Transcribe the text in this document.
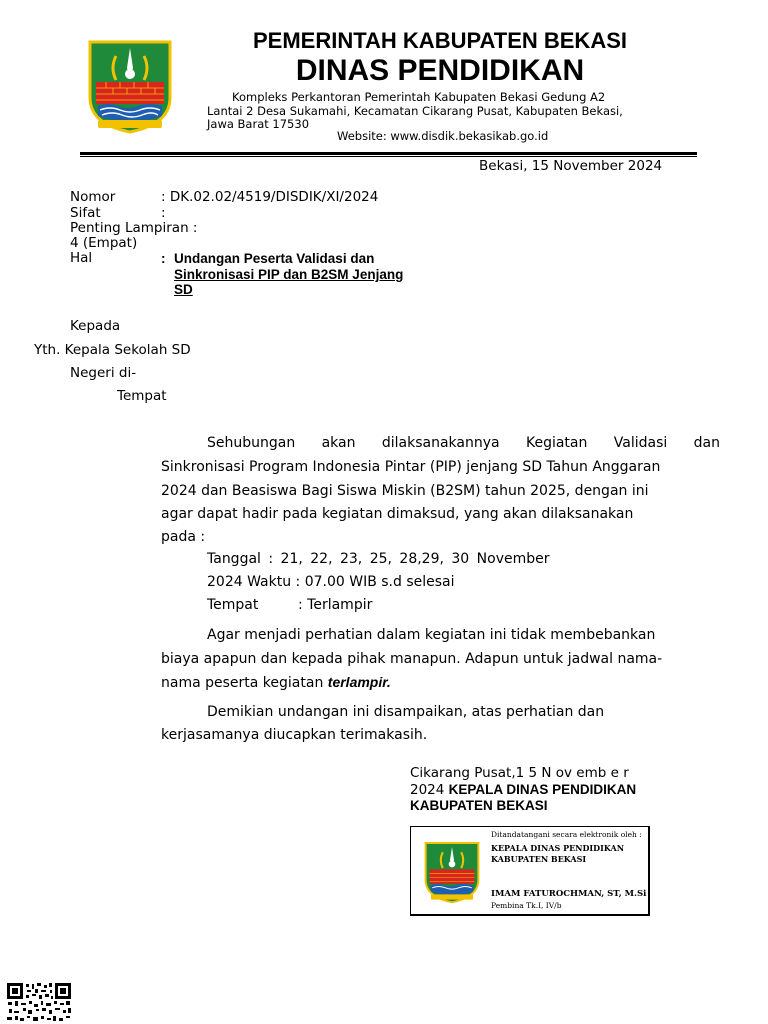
PEMERINTAH KABUPATEN BEKASI
DINAS PENDIDIKAN
Kompleks Perkantoran Pemerintah Kabupaten Bekasi Gedung A2
Lantai 2 Desa Sukamahi, Kecamatan Cikarang Pusat, Kabupaten Bekasi,
Jawa Barat 17530
Website: www.disdik.bekasikab.go.id
Bekasi, 15 November 2024
Nomor	: DK.02.02/4519/DISDIK/XI/2024
Sifat	:
Penting Lampiran :
4 (Empat)
Hal	: Undangan Peserta Validasi dan
Sinkronisasi PIP dan B2SM Jenjang
SD
Kepada
Yth. Kepala Sekolah SD
Negeri di-
Tempat
Sehubungan akan dilaksanakannya Kegiatan Validasi dan
Sinkronisasi Program Indonesia Pintar (PIP) jenjang SD Tahun Anggaran
2024 dan Beasiswa Bagi Siswa Miskin (B2SM) tahun 2025, dengan ini
agar dapat hadir pada kegiatan dimaksud, yang akan dilaksanakan
pada :
Tanggal : 21, 22, 23, 25, 28,29, 30 November
2024 Waktu : 07.00 WIB s.d selesai
Tempat	: Terlampir
Agar menjadi perhatian dalam kegiatan ini tidak membebankan
biaya apapun dan kepada pihak manapun. Adapun untuk jadwal nama-
nama peserta kegiatan terlampir.
Demikian undangan ini disampaikan, atas perhatian dan
kerjasamanya diucapkan terimakasih.
Cikarang Pusat,1 5 N ov emb e r
2024 KEPALA DINAS PENDIDIKAN
KABUPATEN BEKASI
Ditandatangani secara elektronik oleh :
KEPALA DINAS PENDIDIKAN
KABUPATEN BEKASI
IMAM FATUROCHMAN, ST, M.Si
Pembina Tk.I, IV/b
